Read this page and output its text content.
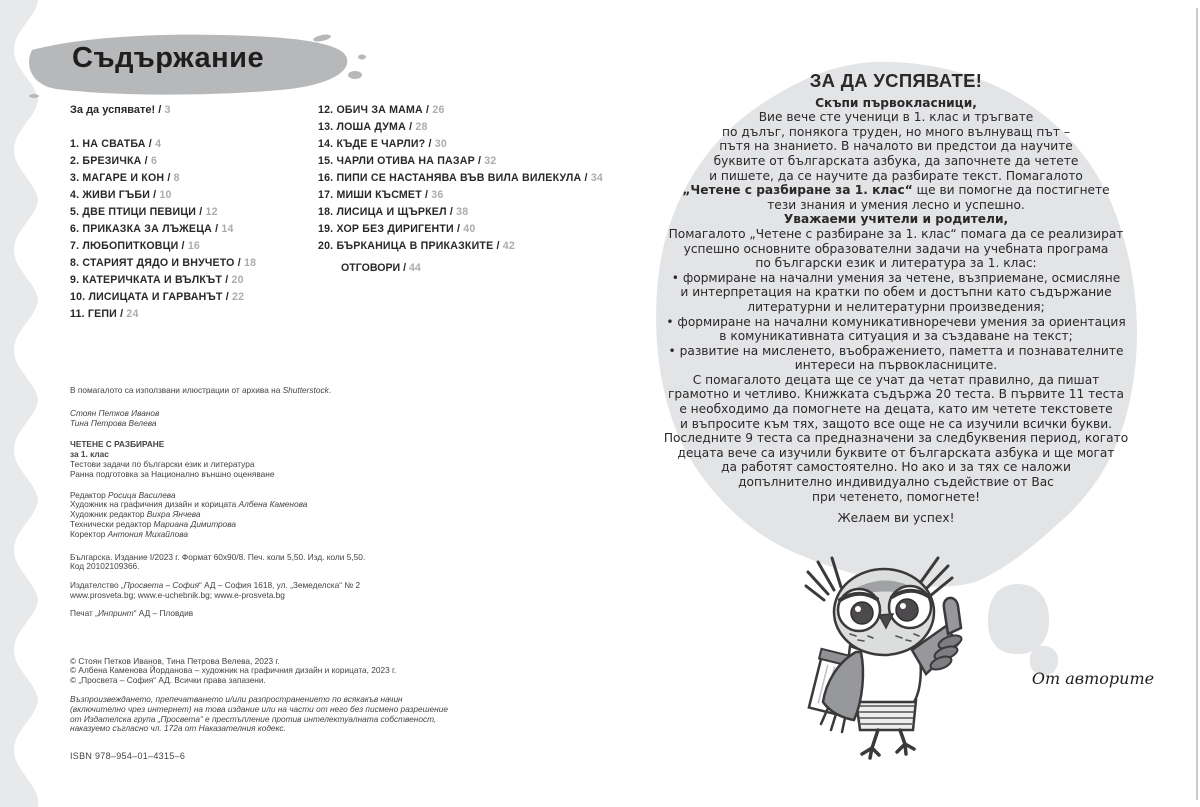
Съдържание
За да успявате! / 3
1. НА СВАТБА / 4
2. БРЕЗИЧКА / 6
3. МАГАРЕ И КОН / 8
4. ЖИВИ ГЪБИ / 10
5. ДВЕ ПТИЦИ ПЕВИЦИ / 12
6. ПРИКАЗКА ЗА ЛЪЖЕЦА / 14
7. ЛЮБОПИТКОВЦИ / 16
8. СТАРИЯТ ДЯДО И ВНУЧЕТО / 18
9. КАТЕРИЧКАТА И ВЪЛКЪТ / 20
10. ЛИСИЦАТА И ГАРВАНЪТ / 22
11. ГЕПИ / 24
12. ОБИЧ ЗА МАМА / 26
13. ЛОША ДУМА / 28
14. КЪДЕ Е ЧАРЛИ? / 30
15. ЧАРЛИ ОТИВА НА ПАЗАР / 32
16. ПИПИ СЕ НАСТАНЯВА ВЪВ ВИЛА ВИЛЕКУЛА / 34
17. МИШИ КЪСМЕТ / 36
18. ЛИСИЦА И ЩЪРКЕЛ / 38
19. ХОР БЕЗ ДИРИГЕНТИ / 40
20. БЪРКАНИЦА В ПРИКАЗКИТЕ / 42
ОТГОВОРИ / 44

В помагалото са използвани илюстрации от архива на Shutterstock.

Стоян Петков Иванов
Тина Петрова Велева

ЧЕТЕНЕ С РАЗБИРАНЕ
за 1. клас
Тестови задачи по български език и литература
Ранна подготовка за Национално външно оценяване

Редактор Росица Василева
Художник на графичния дизайн и корицата Албена Каменова
Художник редактор Вихра Янчева
Технически редактор Мариана Димитрова
Коректор Антония Михайлова

Българска. Издание I/2023 г. Формат 60х90/8. Печ. коли 5,50. Изд. коли 5,50.
Код 20102109366.

Издателство „Просвета – София“ АД – София 1618, ул. „Земеделска“ № 2
www.prosveta.bg; www.e-uchebnik.bg; www.e-prosveta.bg

Печат „Инпринт“ АД – Пловдив

© Стоян Петков Иванов, Тина Петрова Велева, 2023 г.
© Албена Каменова Йорданова – художник на графичния дизайн и корицата, 2023 г.
© „Просвета – София“ АД. Всички права запазени.

Възпроизвеждането, препечатването и/или разпространението по всякакъв начин
(включително чрез интернет) на това издание или на части от него без писмено разрешение
от Издателска група „Просвета“ е престъпление против интелектуалната собственост,
наказуемо съгласно чл. 172а от Наказателния кодекс.

ISBN 978–954–01–4315–6
ЗА ДА УСПЯВАТЕ!
Скъпи първокласници,
Вие вече сте ученици в 1. клас и тръгвате
по дълъг, понякога труден, но много вълнуващ път –
пътя на знанието. В началото ви предстои да научите
буквите от българската азбука, да започнете да четете
и пишете, да се научите да разбирате текст. Помагалото
„Четене с разбиране за 1. клас“ ще ви помогне да постигнете
тези знания и умения лесно и успешно.
Уважаеми учители и родители,
Помагалото „Четене с разбиране за 1. клас“ помага да се реализират
успешно основните образователни задачи на учебната програма
по български език и литература за 1. клас:
• формиране на начални умения за четене, възприемане, осмисляне
и интерпретация на кратки по обем и достъпни като съдържание
литературни и нелитературни произведения;
• формиране на начални комуникативноречеви умения за ориентация
в комуникативната ситуация и за създаване на текст;
• развитие на мисленето, въображението, паметта и познавателните
интереси на първокласниците.
С помагалото децата ще се учат да четат правилно, да пишат
грамотно и четливо. Книжката съдържа 20 теста. В първите 11 теста
е необходимо да помогнете на децата, като им четете текстовете
и въпросите към тях, защото все още не са изучили всички букви.
Последните 9 теста са предназначени за следбуквения период, когато
децата вече са изучили буквите от българската азбука и ще могат
да работят самостоятелно. Но ако и за тях се наложи
допълнително индивидуално съдействие от Вас
при четенето, помогнете!
Желаем ви успех!
От авторите
